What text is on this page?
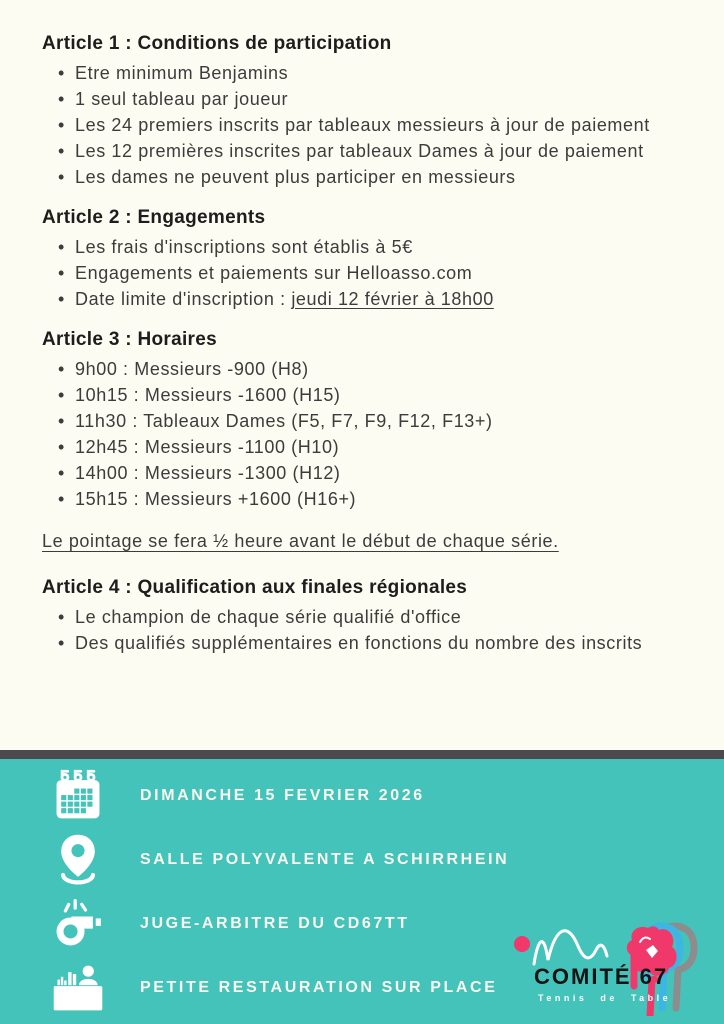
Article 1 : Conditions de participation
• Etre minimum Benjamins
• 1 seul tableau par joueur
• Les 24 premiers inscrits par tableaux messieurs à jour de paiement
• Les 12 premières inscrites par tableaux Dames à jour de paiement
• Les dames ne peuvent plus participer en messieurs
Article 2 : Engagements
• Les frais d'inscriptions sont établis à 5€
• Engagements et paiements sur Helloasso.com
• Date limite d'inscription : jeudi 12 février à 18h00
Article 3 : Horaires
• 9h00 : Messieurs -900 (H8)
• 10h15 : Messieurs -1600 (H15)
• 11h30 : Tableaux Dames (F5, F7, F9, F12, F13+)
• 12h45 : Messieurs -1100 (H10)
• 14h00 : Messieurs -1300 (H12)
• 15h15 : Messieurs +1600 (H16+)
Le pointage se fera ½ heure avant le début de chaque série.
Article 4 : Qualification aux finales régionales
• Le champion de chaque série qualifié d'office
• Des qualifiés supplémentaires en fonctions du nombre des inscrits
DIMANCHE 15 FEVRIER 2026
SALLE POLYVALENTE A SCHIRRHEIN
JUGE-ARBITRE DU CD67TT
PETITE RESTAURATION SUR PLACE COMITÉ 67
Tennis de Table
